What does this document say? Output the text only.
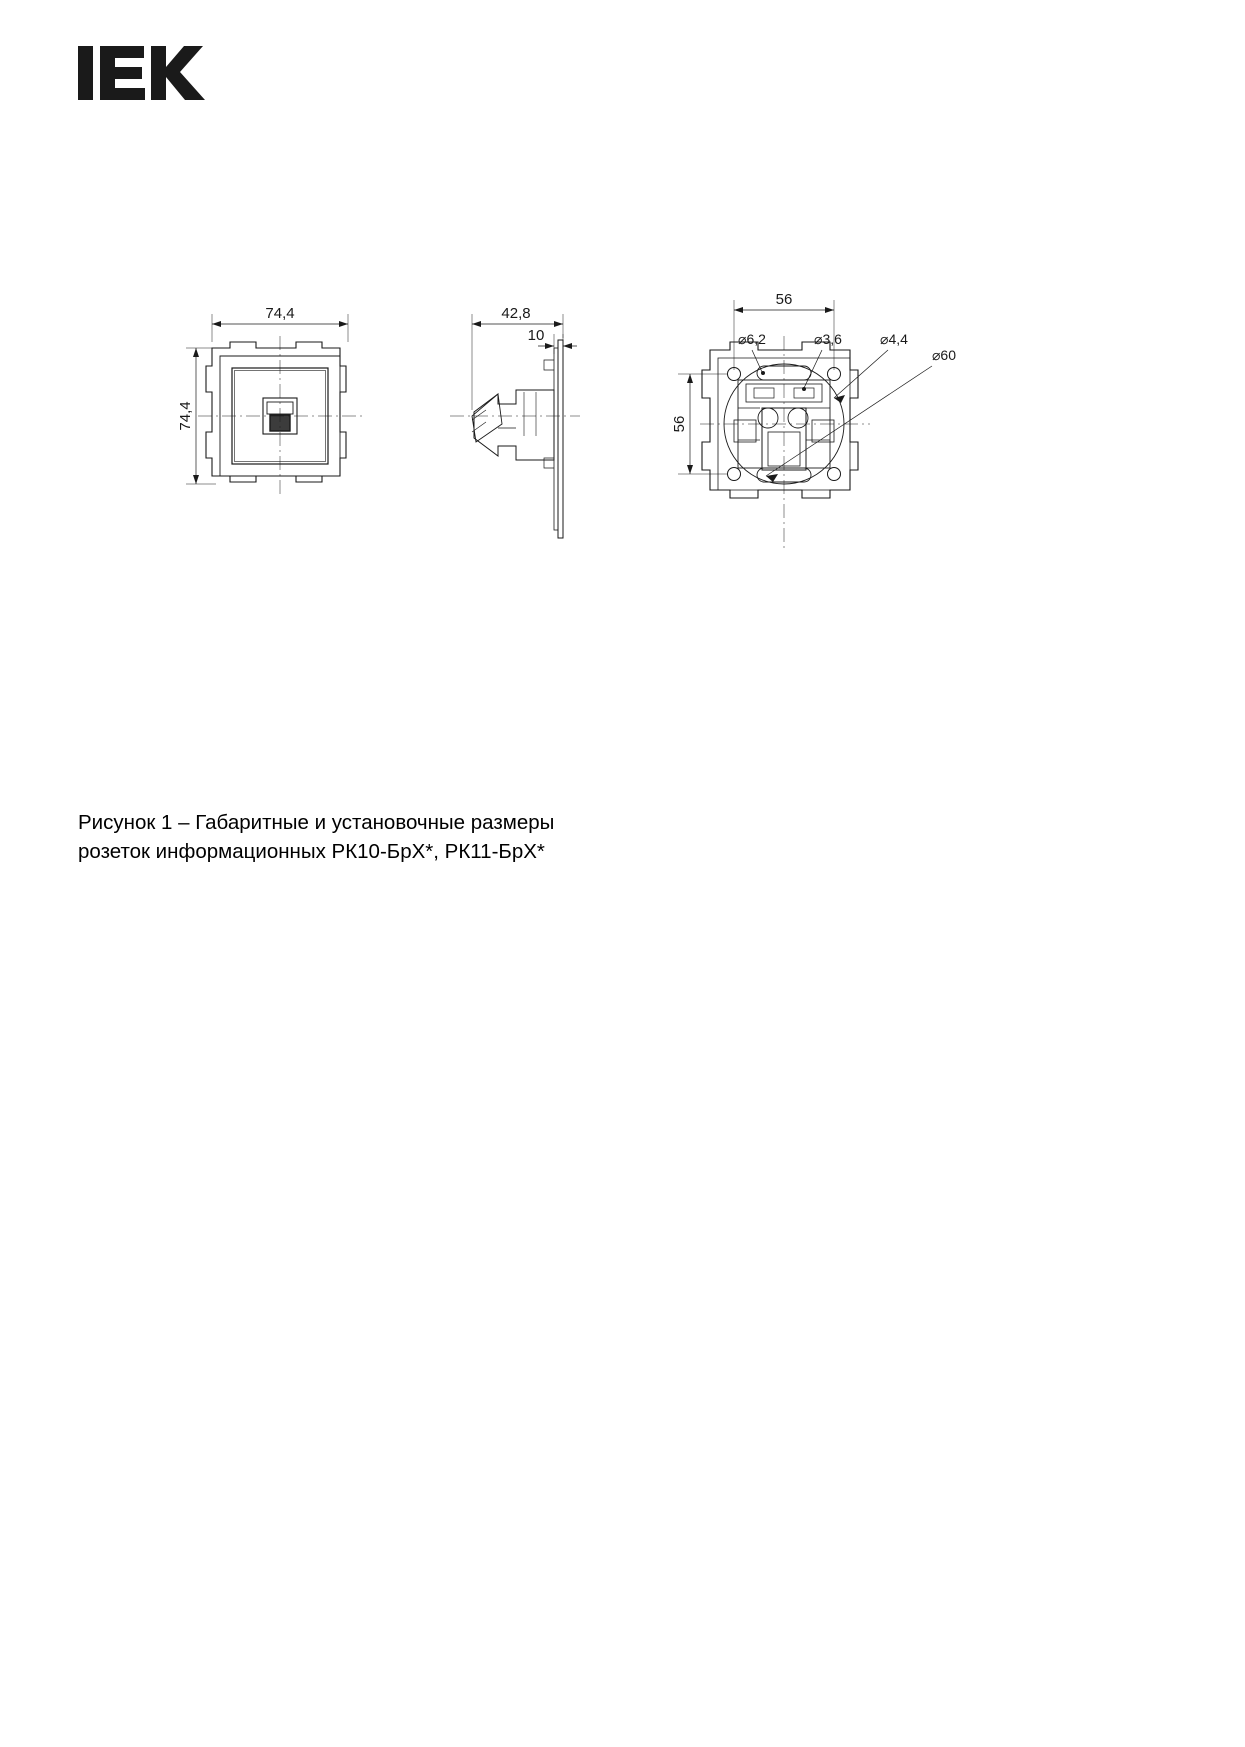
74,4
74,4
42,8
10
56
56
⌀6,2	⌀3,6	⌀4,4
⌀60
Рисунок 1 – Габаритные и установочные размеры
розеток информационных РК10-БрХ*, РК11-БрХ*
